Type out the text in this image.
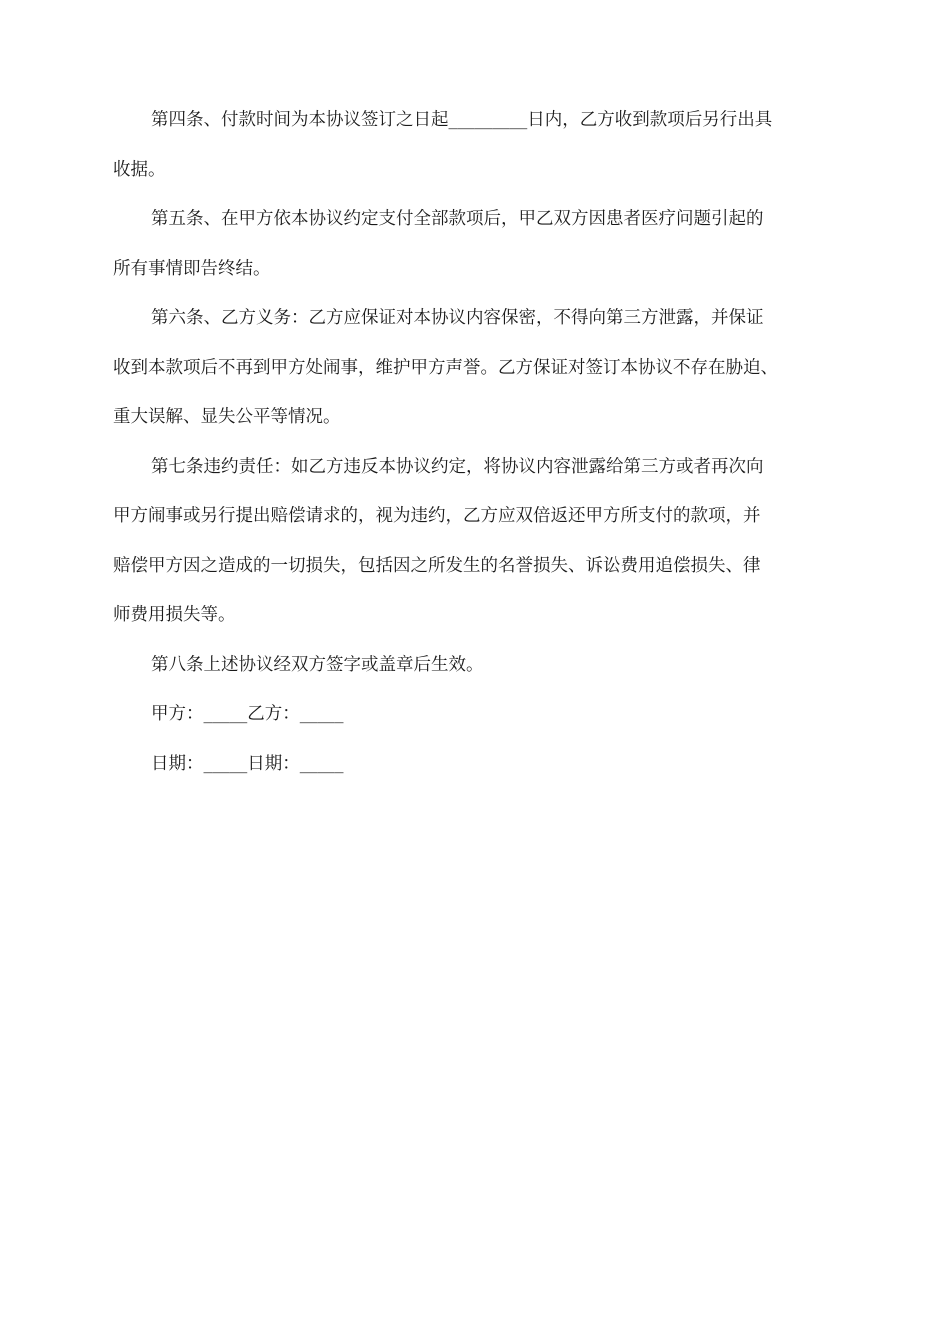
第四条、付款时间为本协议签订之日起_________日内，乙方收到款项后另行出具
收据。

第五条、在甲方依本协议约定支付全部款项后，甲乙双方因患者医疗问题引起的
所有事情即告终结。

第六条、乙方义务：乙方应保证对本协议内容保密，不得向第三方泄露，并保证
收到本款项后不再到甲方处闹事，维护甲方声誉。乙方保证对签订本协议不存在胁迫、
重大误解、显失公平等情况。

第七条违约责任：如乙方违反本协议约定，将协议内容泄露给第三方或者再次向
甲方闹事或另行提出赔偿请求的，视为违约，乙方应双倍返还甲方所支付的款项，并
赔偿甲方因之造成的一切损失，包括因之所发生的名誉损失、诉讼费用追偿损失、律
师费用损失等。

第八条上述协议经双方签字或盖章后生效。

甲方：_____乙方：_____

日期：_____日期：_____
